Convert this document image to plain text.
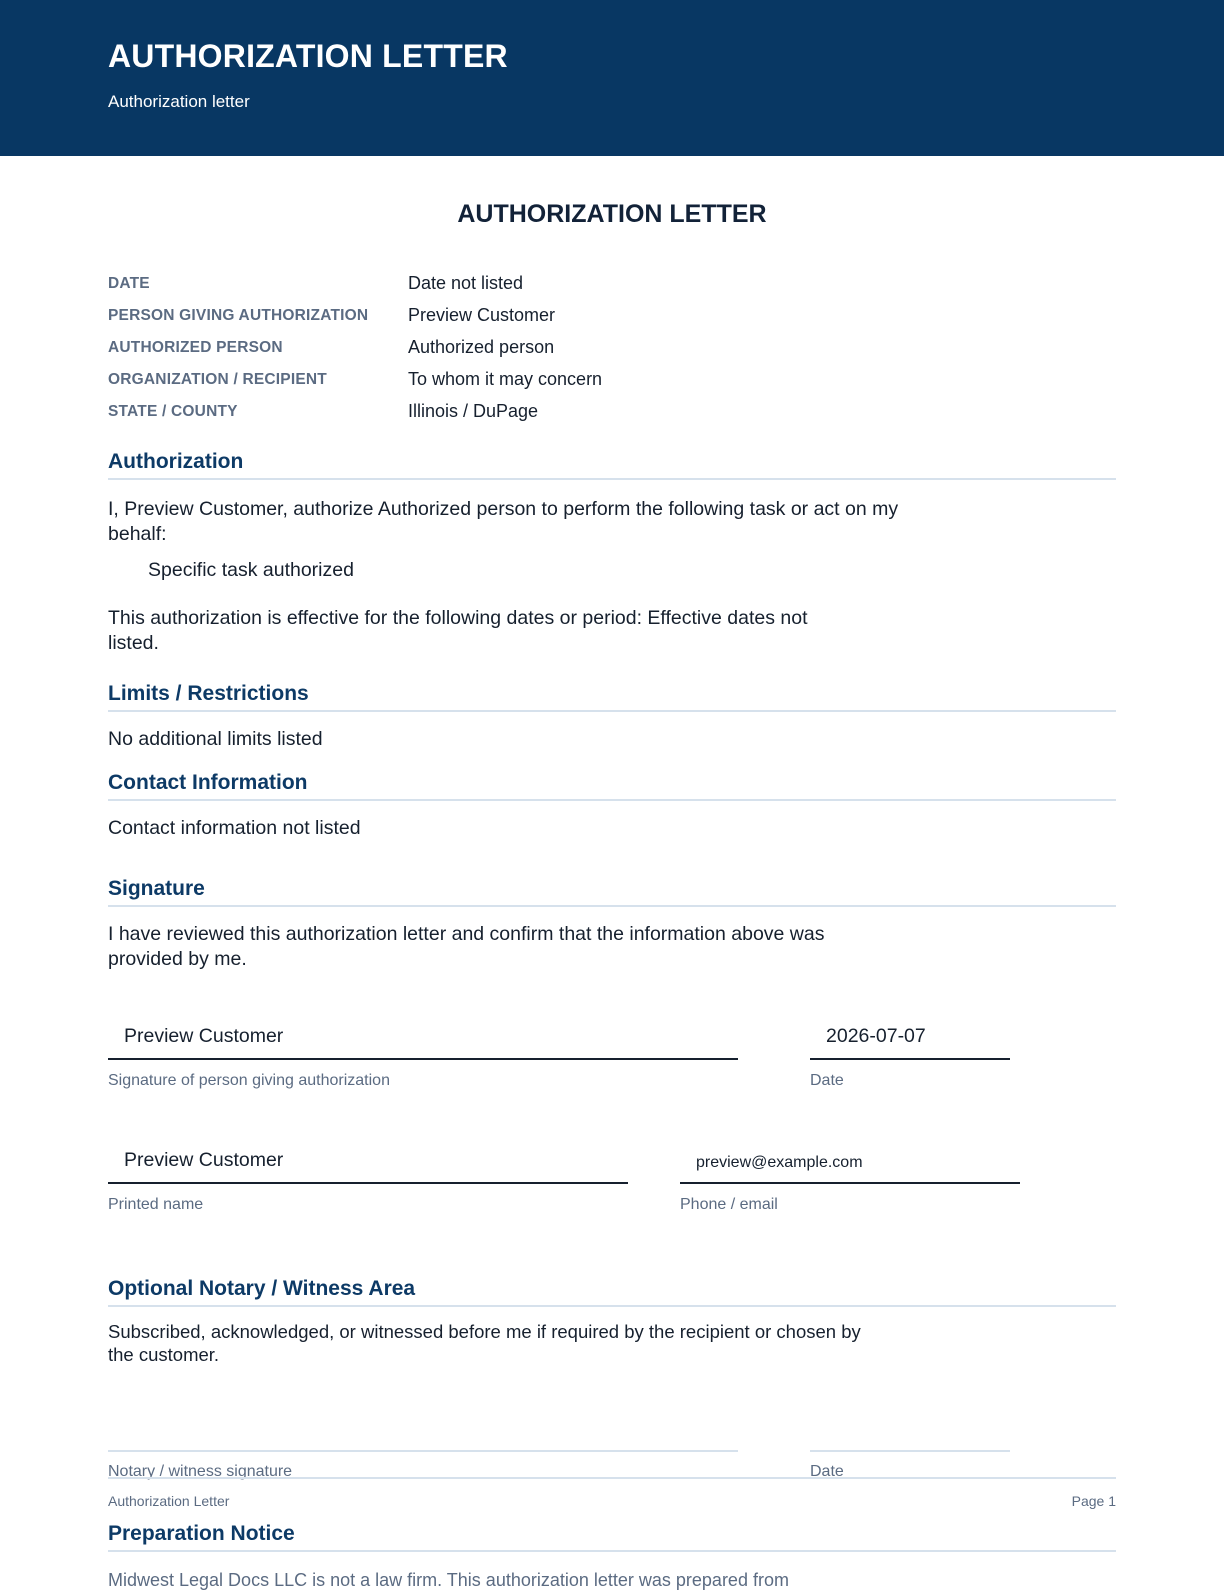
AUTHORIZATION LETTER
Authorization letter
AUTHORIZATION LETTER
DATE	Date not listed
PERSON GIVING AUTHORIZATION Preview Customer
AUTHORIZED PERSON	Authorized person
ORGANIZATION / RECIPIENT	To whom it may concern
STATE / COUNTY	Illinois / DuPage
Authorization
I, Preview Customer, authorize Authorized person to perform the following task or act on my behalf:
Specific task authorized
This authorization is effective for the following dates or period: Effective dates not listed.
Limits / Restrictions
No additional limits listed
Contact Information
Contact information not listed
Signature
I have reviewed this authorization letter and confirm that the information above was provided by me.
Preview Customer
Signature of person giving authorization
2026-07-07
Date
Preview Customer
Printed name
preview@example.com
Phone / email
Optional Notary / Witness Area
Subscribed, acknowledged, or witnessed before me if required by the recipient or chosen by the customer.
Notary / witness signature	Date
Authorization Letter	Page 1
Preparation Notice
Midwest Legal Docs LLC is not a law firm. This authorization letter was prepared from
